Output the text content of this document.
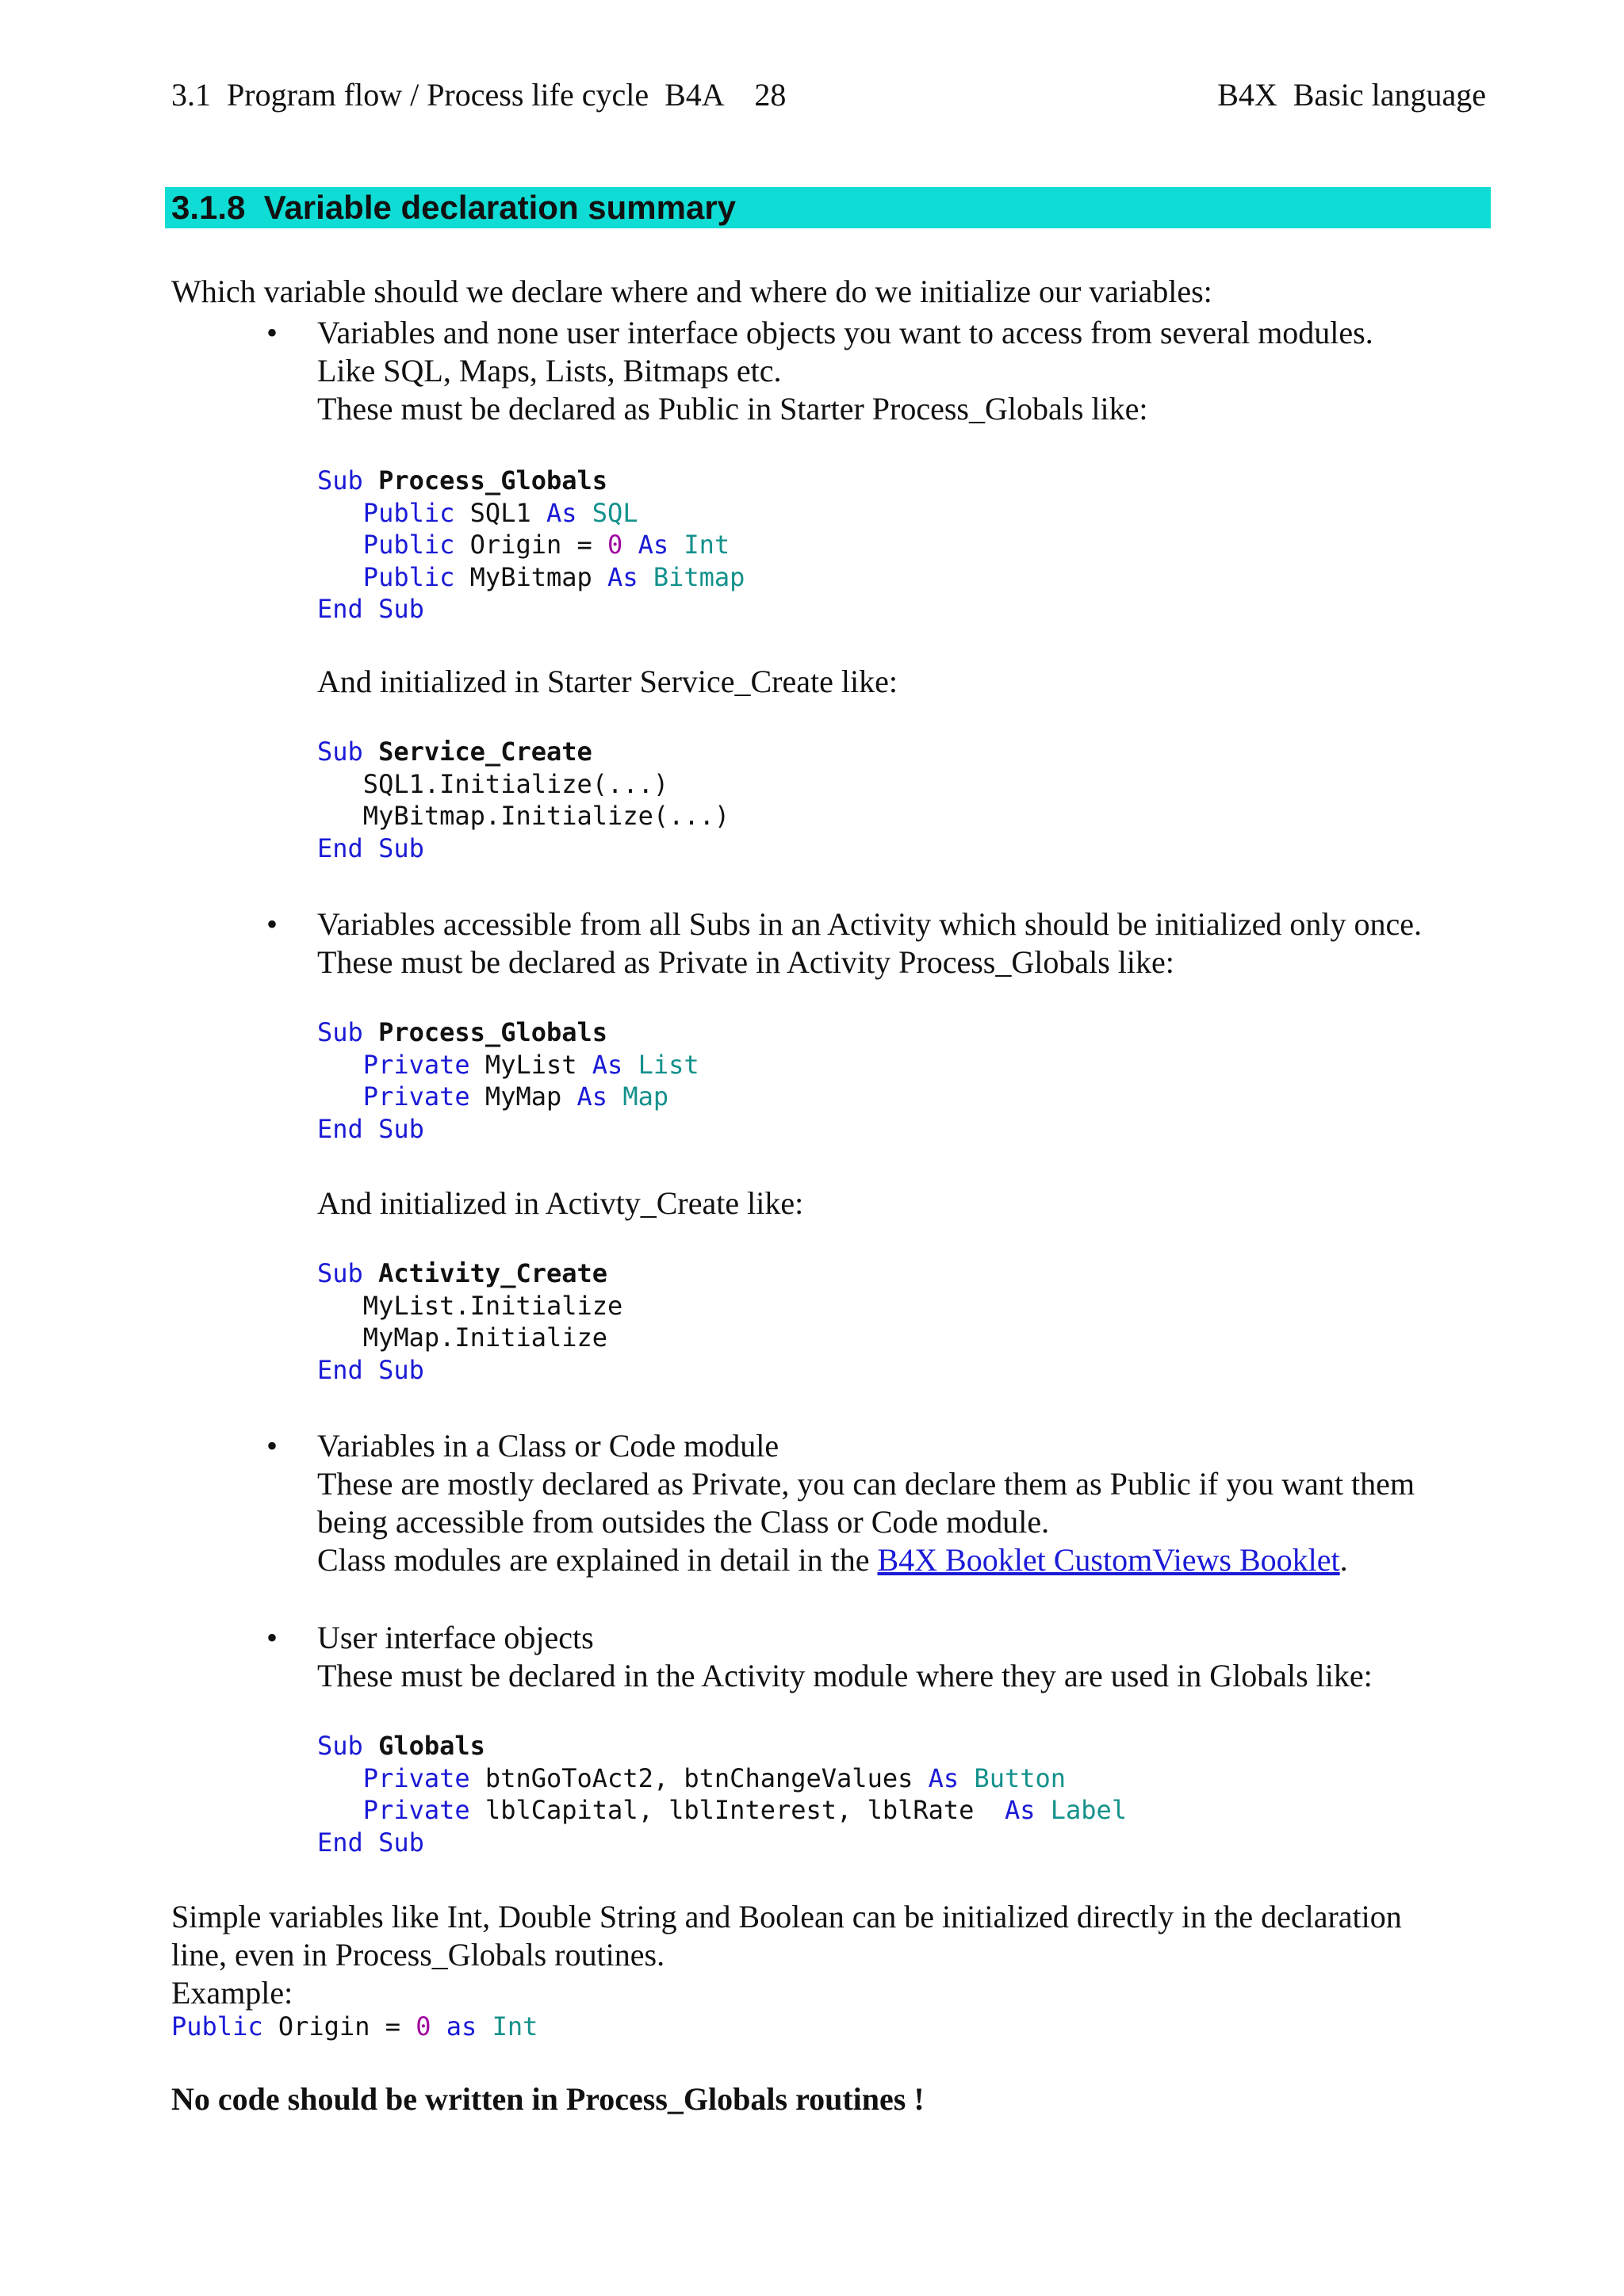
3.1  Program flow / Process life cycle  B4A    28	B4X  Basic language
3.1.8  Variable declaration summary
Which variable should we declare where and where do we initialize our variables:
• Variables and none user interface objects you want to access from several modules.
Like SQL, Maps, Lists, Bitmaps etc.
These must be declared as Public in Starter Process_Globals like:
Sub Process_Globals
Public SQL1 As SQL
Public Origin = 0 As Int
Public MyBitmap As Bitmap
End Sub
And initialized in Starter Service_Create like:
Sub Service_Create
SQL1.Initialize(...)
MyBitmap.Initialize(...)
End Sub
• Variables accessible from all Subs in an Activity which should be initialized only once.
These must be declared as Private in Activity Process_Globals like:
Sub Process_Globals
Private MyList As List
Private MyMap As Map
End Sub
And initialized in Activty_Create like:
Sub Activity_Create
MyList.Initialize
MyMap.Initialize
End Sub
• Variables in a Class or Code module
These are mostly declared as Private, you can declare them as Public if you want them
being accessible from outsides the Class or Code module.
Class modules are explained in detail in the B4X Booklet CustomViews Booklet.
• User interface objects
These must be declared in the Activity module where they are used in Globals like:
Sub Globals
Private btnGoToAct2, btnChangeValues As Button
Private lblCapital, lblInterest, lblRate  As Label
End Sub
Simple variables like Int, Double String and Boolean can be initialized directly in the declaration
line, even in Process_Globals routines.
Example:
Public Origin = 0 as Int
No code should be written in Process_Globals routines !
